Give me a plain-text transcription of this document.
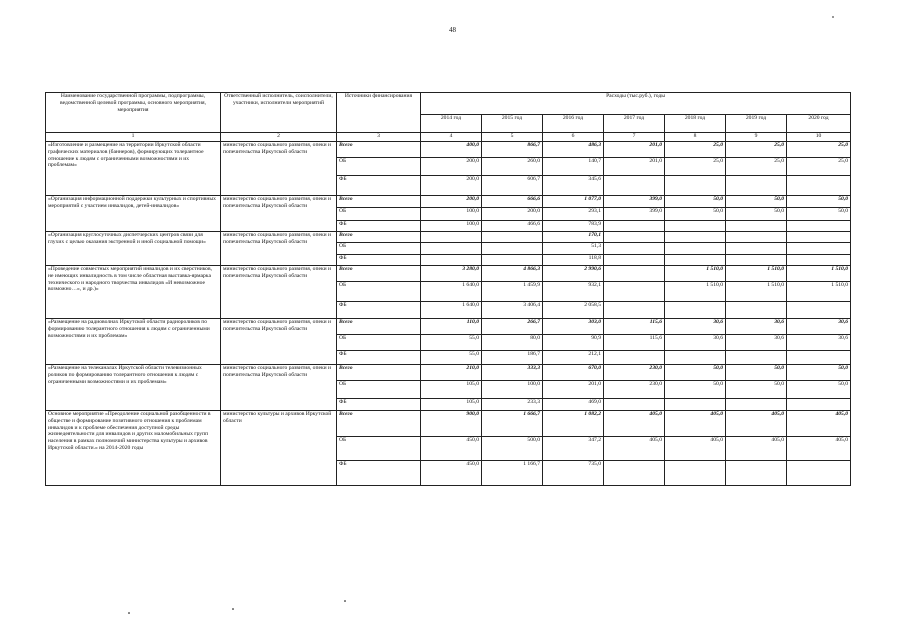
48
Наименование государственной программы, подпрограммы, ведомственной целевой программы, основного мероприятия, мероприятия	Ответственный исполнитель, соисполнители, участники, исполнители мероприятий	Источники финансирования	Расходы (тыс.руб.), годы						
			2014 год	2015 год	2016 год	2017 год	2018 год	2019 год	2020 год
1	2	3	4	5	6	7	8	9	10
«Изготовление и размещение на территории Иркутской области графических материалов (баннеров), формирующих толерантное отношение к людям с ограниченными возможностями и их проблемам»	министерство социального развития, опеки и попечительства Иркутской области	Всего	400,0	866,7	486,3	201,0	25,0	25,0	25,0
		ОБ	200,0	260,0	140,7	201,0	25,0	25,0	25,0
		ФБ	200,0	606,7	345,6				
«Организация информационной поддержки культурных и спортивных мероприятий с участием инвалидов, детей-инвалидов»	министерство социального развития, опеки и попечительства Иркутской области	Всего	200,0	666,6	1 077,0	399,0	50,0	50,0	50,0
		ОБ	100,0	200,0	293,1	399,0	50,0	50,0	50,0
		ФБ	100,0	466,6	783,9				
«Организация круглосуточных диспетчерских центров связи для глухих с целью оказания экстренной и иной социальной помощи»	министерство социального развития, опеки и попечительства Иркутской области	Всего			170,1				
		ОБ			51,3				
		ФБ			118,8				
«Проведение совместных мероприятий инвалидов и их сверстников, не имеющих инвалидность в том числе областная выставка-ярмарка технического и народного творчества инвалидов «И невозможное возможно…», и др.)»	министерство социального развития, опеки и попечительства Иркутской области	Всего	3 280,0	4 866,3	2 990,6		1 510,0	1 510,0	1 510,0
		ОБ	1 640,0	1 459,9	932,1		1 510,0	1 510,0	1 510,0
		ФБ	1 640,0	3 406,4	2 058,5				
«Размещение на радиоволнах Иркутской области радиороликов по формированию толерантного отношения к людям с ограниченными возможностями и их проблемам»	министерство социального развития, опеки и попечительства Иркутской области	Всего	110,0	266,7	303,0	115,6	30,6	30,6	30,6
		ОБ	55,0	80,0	90,9	115,6	30,6	30,6	30,6
		ФБ	55,0	186,7	212,1				
«Размещение на телеканалах Иркутской области телевизионных роликов по формированию толерантного отношения к людям с ограниченными возможностями и их проблемам»	министерство социального развития, опеки и попечительства Иркутской области	Всего	210,0	333,3	670,0	230,0	50,0	50,0	50,0
		ОБ	105,0	100,0	201,0	230,0	50,0	50,0	50,0
		ФБ	105,0	233,3	469,0				
Основное мероприятие «Преодоление социальной разобщенности в обществе и формирование позитивного отношения к проблемам инвалидов и к проблеме обеспечения доступной среды жизнедеятельности для инвалидов и других маломобильных групп населения в рамках полномочий министерства культуры и архивов Иркутской области.» на 2014-2020 годы	министерство культуры и архивов Иркутской области	Всего	900,0	1 666,7	1 082,2	405,0	405,0	405,0	405,0
		ОБ	450,0	500,0	347,2	405,0	405,0	405,0	405,0
		ФБ	450,0	1 166,7	735,0				
